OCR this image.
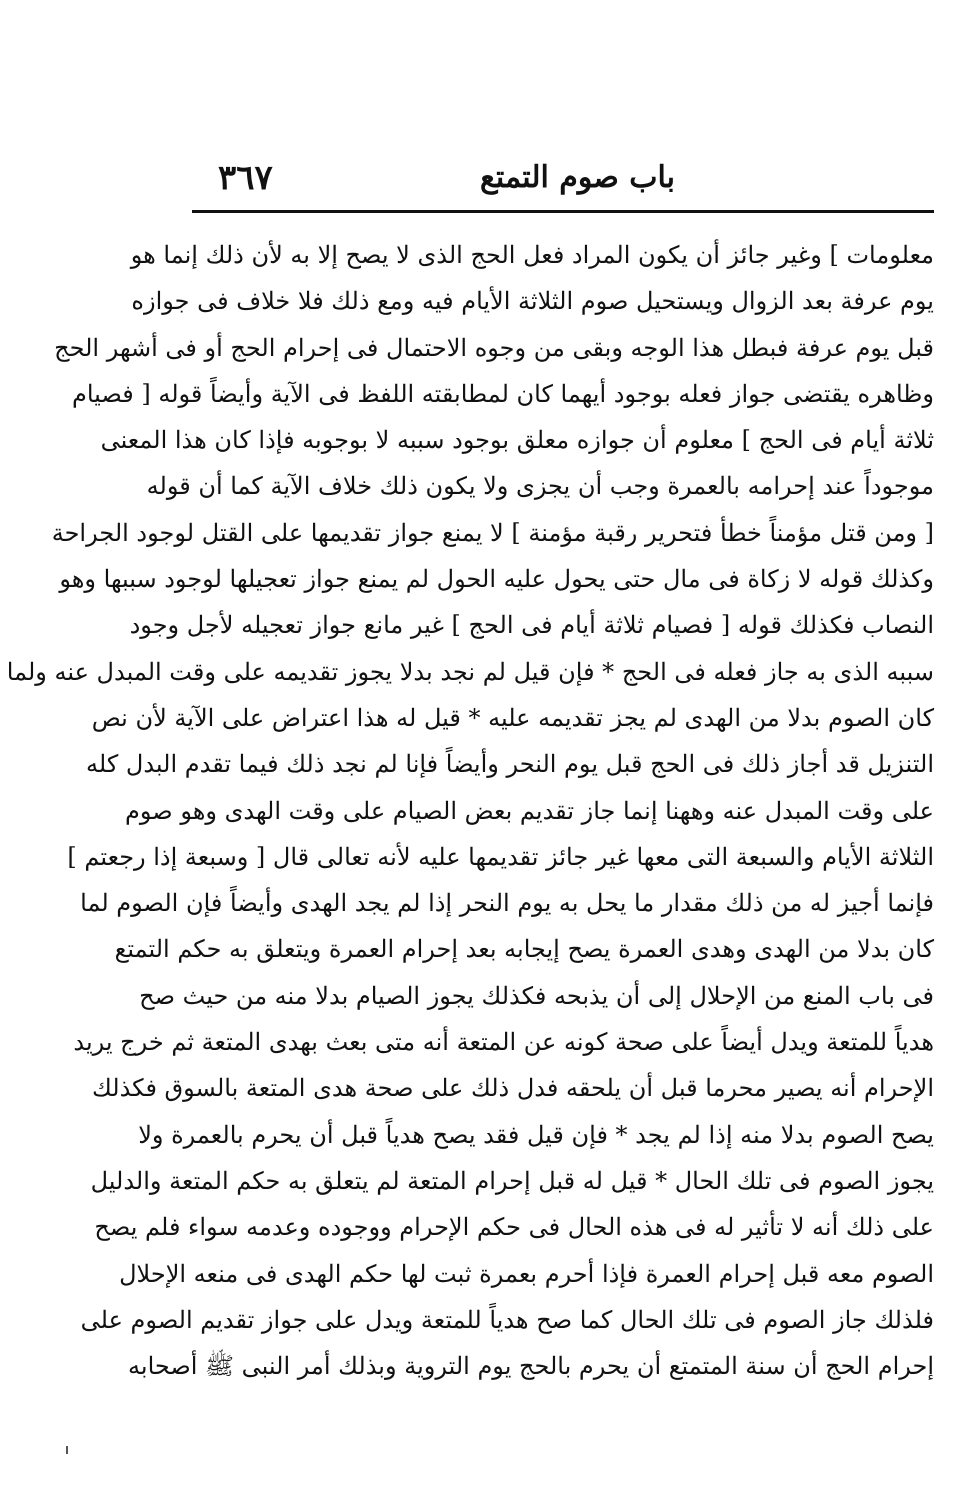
باب صوم التمتع
٣٦٧
معلومات ] وغير جائز أن يكون المراد فعل الحج الذى لا يصح إلا به لأن ذلك إنما هو
يوم عرفة بعد الزوال ويستحيل صوم الثلاثة الأيام فيه ومع ذلك فلا خلاف فى جوازه
قبل يوم عرفة فبطل هذا الوجه وبقى من وجوه الاحتمال فى إحرام الحج أو فى أشهر الحج
وظاهره يقتضى جواز فعله بوجود أيهما كان لمطابقته اللفظ فى الآية وأيضاً قوله [ فصيام
ثلاثة أيام فى الحج ] معلوم أن جوازه معلق بوجود سببه لا بوجوبه فإذا كان هذا المعنى
موجوداً عند إحرامه بالعمرة وجب أن يجزى ولا يكون ذلك خلاف الآية كما أن قوله
[ ومن قتل مؤمناً خطأ فتحرير رقبة مؤمنة ] لا يمنع جواز تقديمها على القتل لوجود الجراحة
وكذلك قوله لا زكاة فى مال حتى يحول عليه الحول لم يمنع جواز تعجيلها لوجود سببها وهو
النصاب فكذلك قوله [ فصيام ثلاثة أيام فى الحج ] غير مانع جواز تعجيله لأجل وجود
سببه الذى به جاز فعله فى الحج * فإن قيل لم نجد بدلا يجوز تقديمه على وقت المبدل عنه ولما
كان الصوم بدلا من الهدى لم يجز تقديمه عليه * قيل له هذا اعتراض على الآية لأن نص
التنزيل قد أجاز ذلك فى الحج قبل يوم النحر وأيضاً فإنا لم نجد ذلك فيما تقدم البدل كله
على وقت المبدل عنه وههنا إنما جاز تقديم بعض الصيام على وقت الهدى وهو صوم
الثلاثة الأيام والسبعة التى معها غير جائز تقديمها عليه لأنه تعالى قال [ وسبعة إذا رجعتم ]
فإنما أجيز له من ذلك مقدار ما يحل به يوم النحر إذا لم يجد الهدى وأيضاً فإن الصوم لما
كان بدلا من الهدى وهدى العمرة يصح إيجابه بعد إحرام العمرة ويتعلق به حكم التمتع
فى باب المنع من الإحلال إلى أن يذبحه فكذلك يجوز الصيام بدلا منه من حيث صح
هدياً للمتعة ويدل أيضاً على صحة كونه عن المتعة أنه متى بعث بهدى المتعة ثم خرج يريد
الإحرام أنه يصير محرما قبل أن يلحقه فدل ذلك على صحة هدى المتعة بالسوق فكذلك
يصح الصوم بدلا منه إذا لم يجد * فإن قيل فقد يصح هدياً قبل أن يحرم بالعمرة ولا
يجوز الصوم فى تلك الحال * قيل له قبل إحرام المتعة لم يتعلق به حكم المتعة والدليل
على ذلك أنه لا تأثير له فى هذه الحال فى حكم الإحرام ووجوده وعدمه سواء فلم يصح
الصوم معه قبل إحرام العمرة فإذا أحرم بعمرة ثبت لها حكم الهدى فى منعه الإحلال
فلذلك جاز الصوم فى تلك الحال كما صح هدياً للمتعة ويدل على جواز تقديم الصوم على
إحرام الحج أن سنة المتمتع أن يحرم بالحج يوم التروية وبذلك أمر النبى ﷺ أصحابه
